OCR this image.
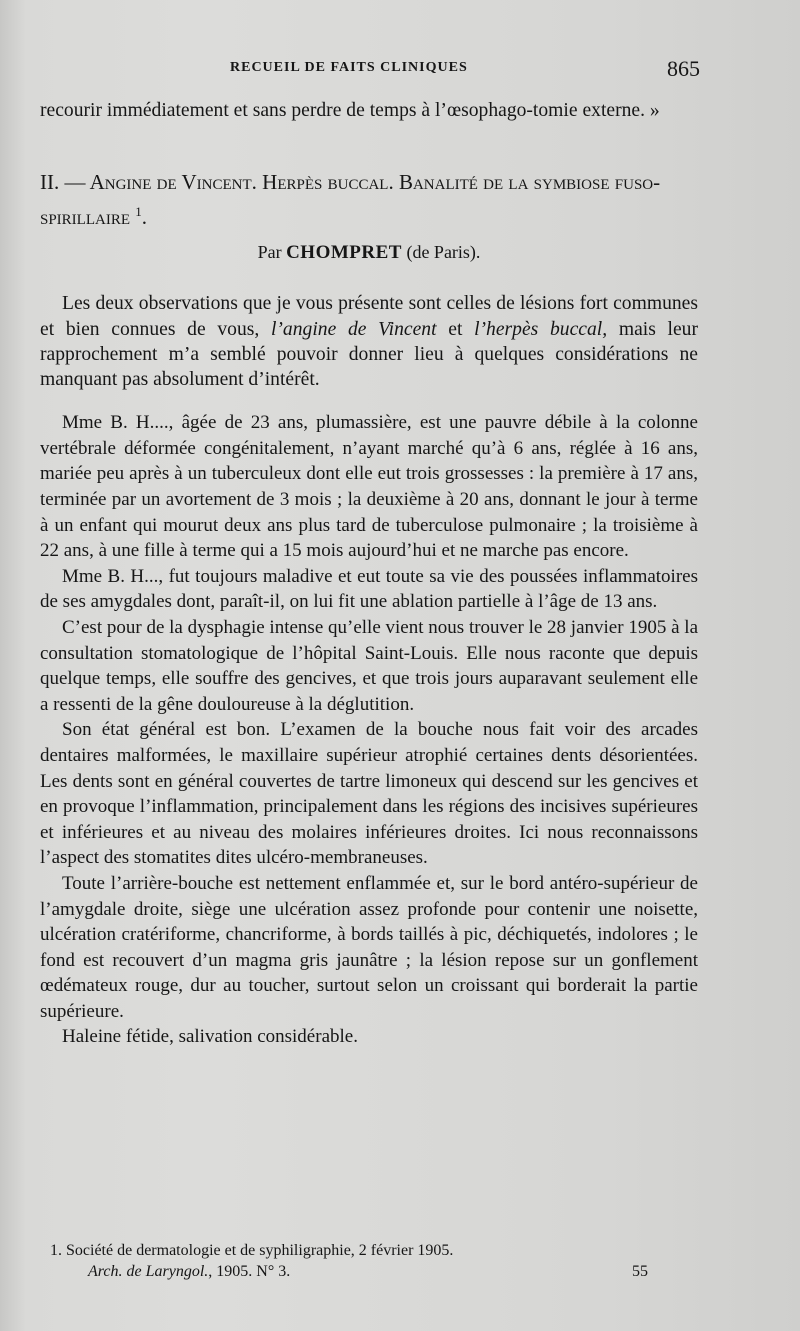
RECUEIL DE FAITS CLINIQUES	865

recourir immédiatement et sans perdre de temps à l’œsophago-tomie externe. »

II. — Angine de Vincent. Herpès buccal. Banalité de la symbiose fuso-spirillaire $^1$.

Par CHOMPRET (de Paris).

Les deux observations que je vous présente sont celles de lésions fort communes et bien connues de vous, l’angine de Vincent et l’herpès buccal, mais leur rapprochement m’a semblé pouvoir donner lieu à quelques considérations ne manquant pas absolument d’intérêt.

Mme B. H...., âgée de 23 ans, plumassière, est une pauvre débile à la colonne vertébrale déformée congénitalement, n’ayant marché qu’à 6 ans, réglée à 16 ans, mariée peu après à un tuberculeux dont elle eut trois grossesses : la première à 17 ans, terminée par un avortement de 3 mois ; la deuxième à 20 ans, donnant le jour à terme à un enfant qui mourut deux ans plus tard de tuberculose pulmonaire ; la troisième à 22 ans, à une fille à terme qui a 15 mois aujourd’hui et ne marche pas encore.

Mme B. H..., fut toujours maladive et eut toute sa vie des poussées inflammatoires de ses amygdales dont, paraît-il, on lui fit une ablation partielle à l’âge de 13 ans.

C’est pour de la dysphagie intense qu’elle vient nous trouver le 28 janvier 1905 à la consultation stomatologique de l’hôpital Saint-Louis. Elle nous raconte que depuis quelque temps, elle souffre des gencives, et que trois jours auparavant seulement elle a ressenti de la gêne douloureuse à la déglutition.

Son état général est bon. L’examen de la bouche nous fait voir des arcades dentaires malformées, le maxillaire supérieur atrophié certaines dents désorientées. Les dents sont en général couvertes de tartre limoneux qui descend sur les gencives et en provoque l’inflammation, principalement dans les régions des incisives supérieures et inférieures et au niveau des molaires inférieures droites. Ici nous reconnaissons l’aspect des stomatites dites ulcéro-membraneuses.

Toute l’arrière-bouche est nettement enflammée et, sur le bord antéro-supérieur de l’amygdale droite, siège une ulcération assez profonde pour contenir une noisette, ulcération cratériforme, chancriforme, à bords taillés à pic, déchiquetés, indolores ; le fond est recouvert d’un magma gris jaunâtre ; la lésion repose sur un gonflement œdémateux rouge, dur au toucher, surtout selon un croissant qui borderait la partie supérieure.

Haleine fétide, salivation considérable.

1. Société de dermatologie et de syphiligraphie, 2 février 1905.
Arch. de Laryngol., 1905. N° 3.	55
